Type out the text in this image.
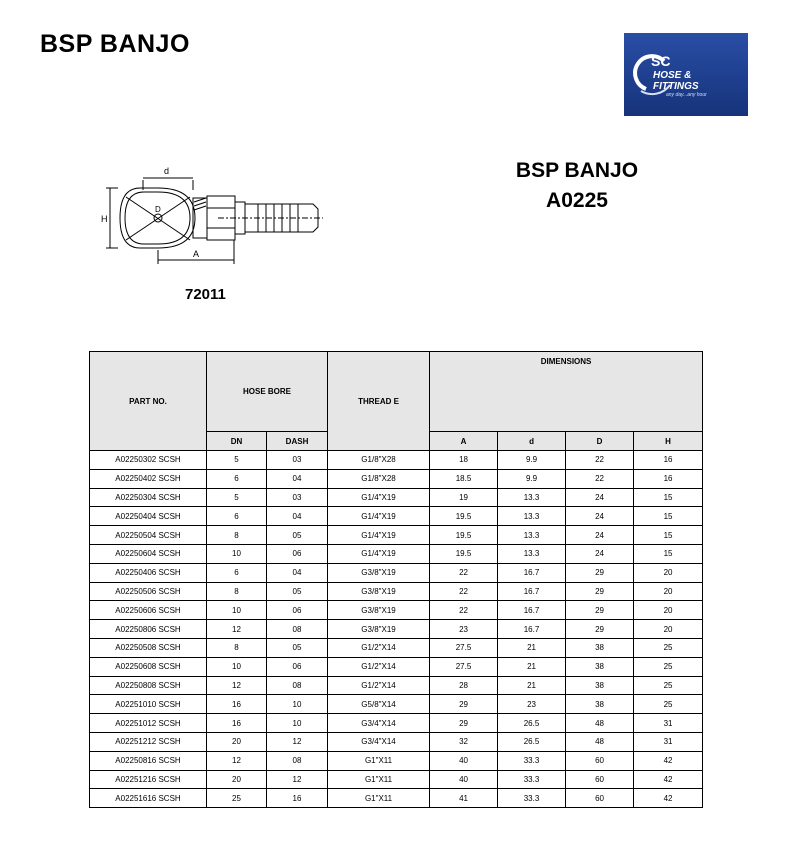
BSP BANJO
SC
HOSE &
FITTINGS
any day...any hour
d
A
H
D
72011
BSP BANJO
A0225
PART NO.	HOSE BORE		THREAD E	DIMENSIONS			
	DN	DASH		A	d	D	H
A02250302 SCSH	5	03	G1/8"X28	18	9.9	22	16
A02250402 SCSH	6	04	G1/8"X28	18.5	9.9	22	16
A02250304 SCSH	5	03	G1/4"X19	19	13.3	24	15
A02250404 SCSH	6	04	G1/4"X19	19.5	13.3	24	15
A02250504 SCSH	8	05	G1/4"X19	19.5	13.3	24	15
A02250604 SCSH	10	06	G1/4"X19	19.5	13.3	24	15
A02250406 SCSH	6	04	G3/8"X19	22	16.7	29	20
A02250506 SCSH	8	05	G3/8"X19	22	16.7	29	20
A02250606 SCSH	10	06	G3/8"X19	22	16.7	29	20
A02250806 SCSH	12	08	G3/8"X19	23	16.7	29	20
A02250508 SCSH	8	05	G1/2"X14	27.5	21	38	25
A02250608 SCSH	10	06	G1/2"X14	27.5	21	38	25
A02250808 SCSH	12	08	G1/2"X14	28	21	38	25
A02251010 SCSH	16	10	G5/8"X14	29	23	38	25
A02251012 SCSH	16	10	G3/4"X14	29	26.5	48	31
A02251212 SCSH	20	12	G3/4"X14	32	26.5	48	31
A02250816 SCSH	12	08	G1"X11	40	33.3	60	42
A02251216 SCSH	20	12	G1"X11	40	33.3	60	42
A02251616 SCSH	25	16	G1"X11	41	33.3	60	42
